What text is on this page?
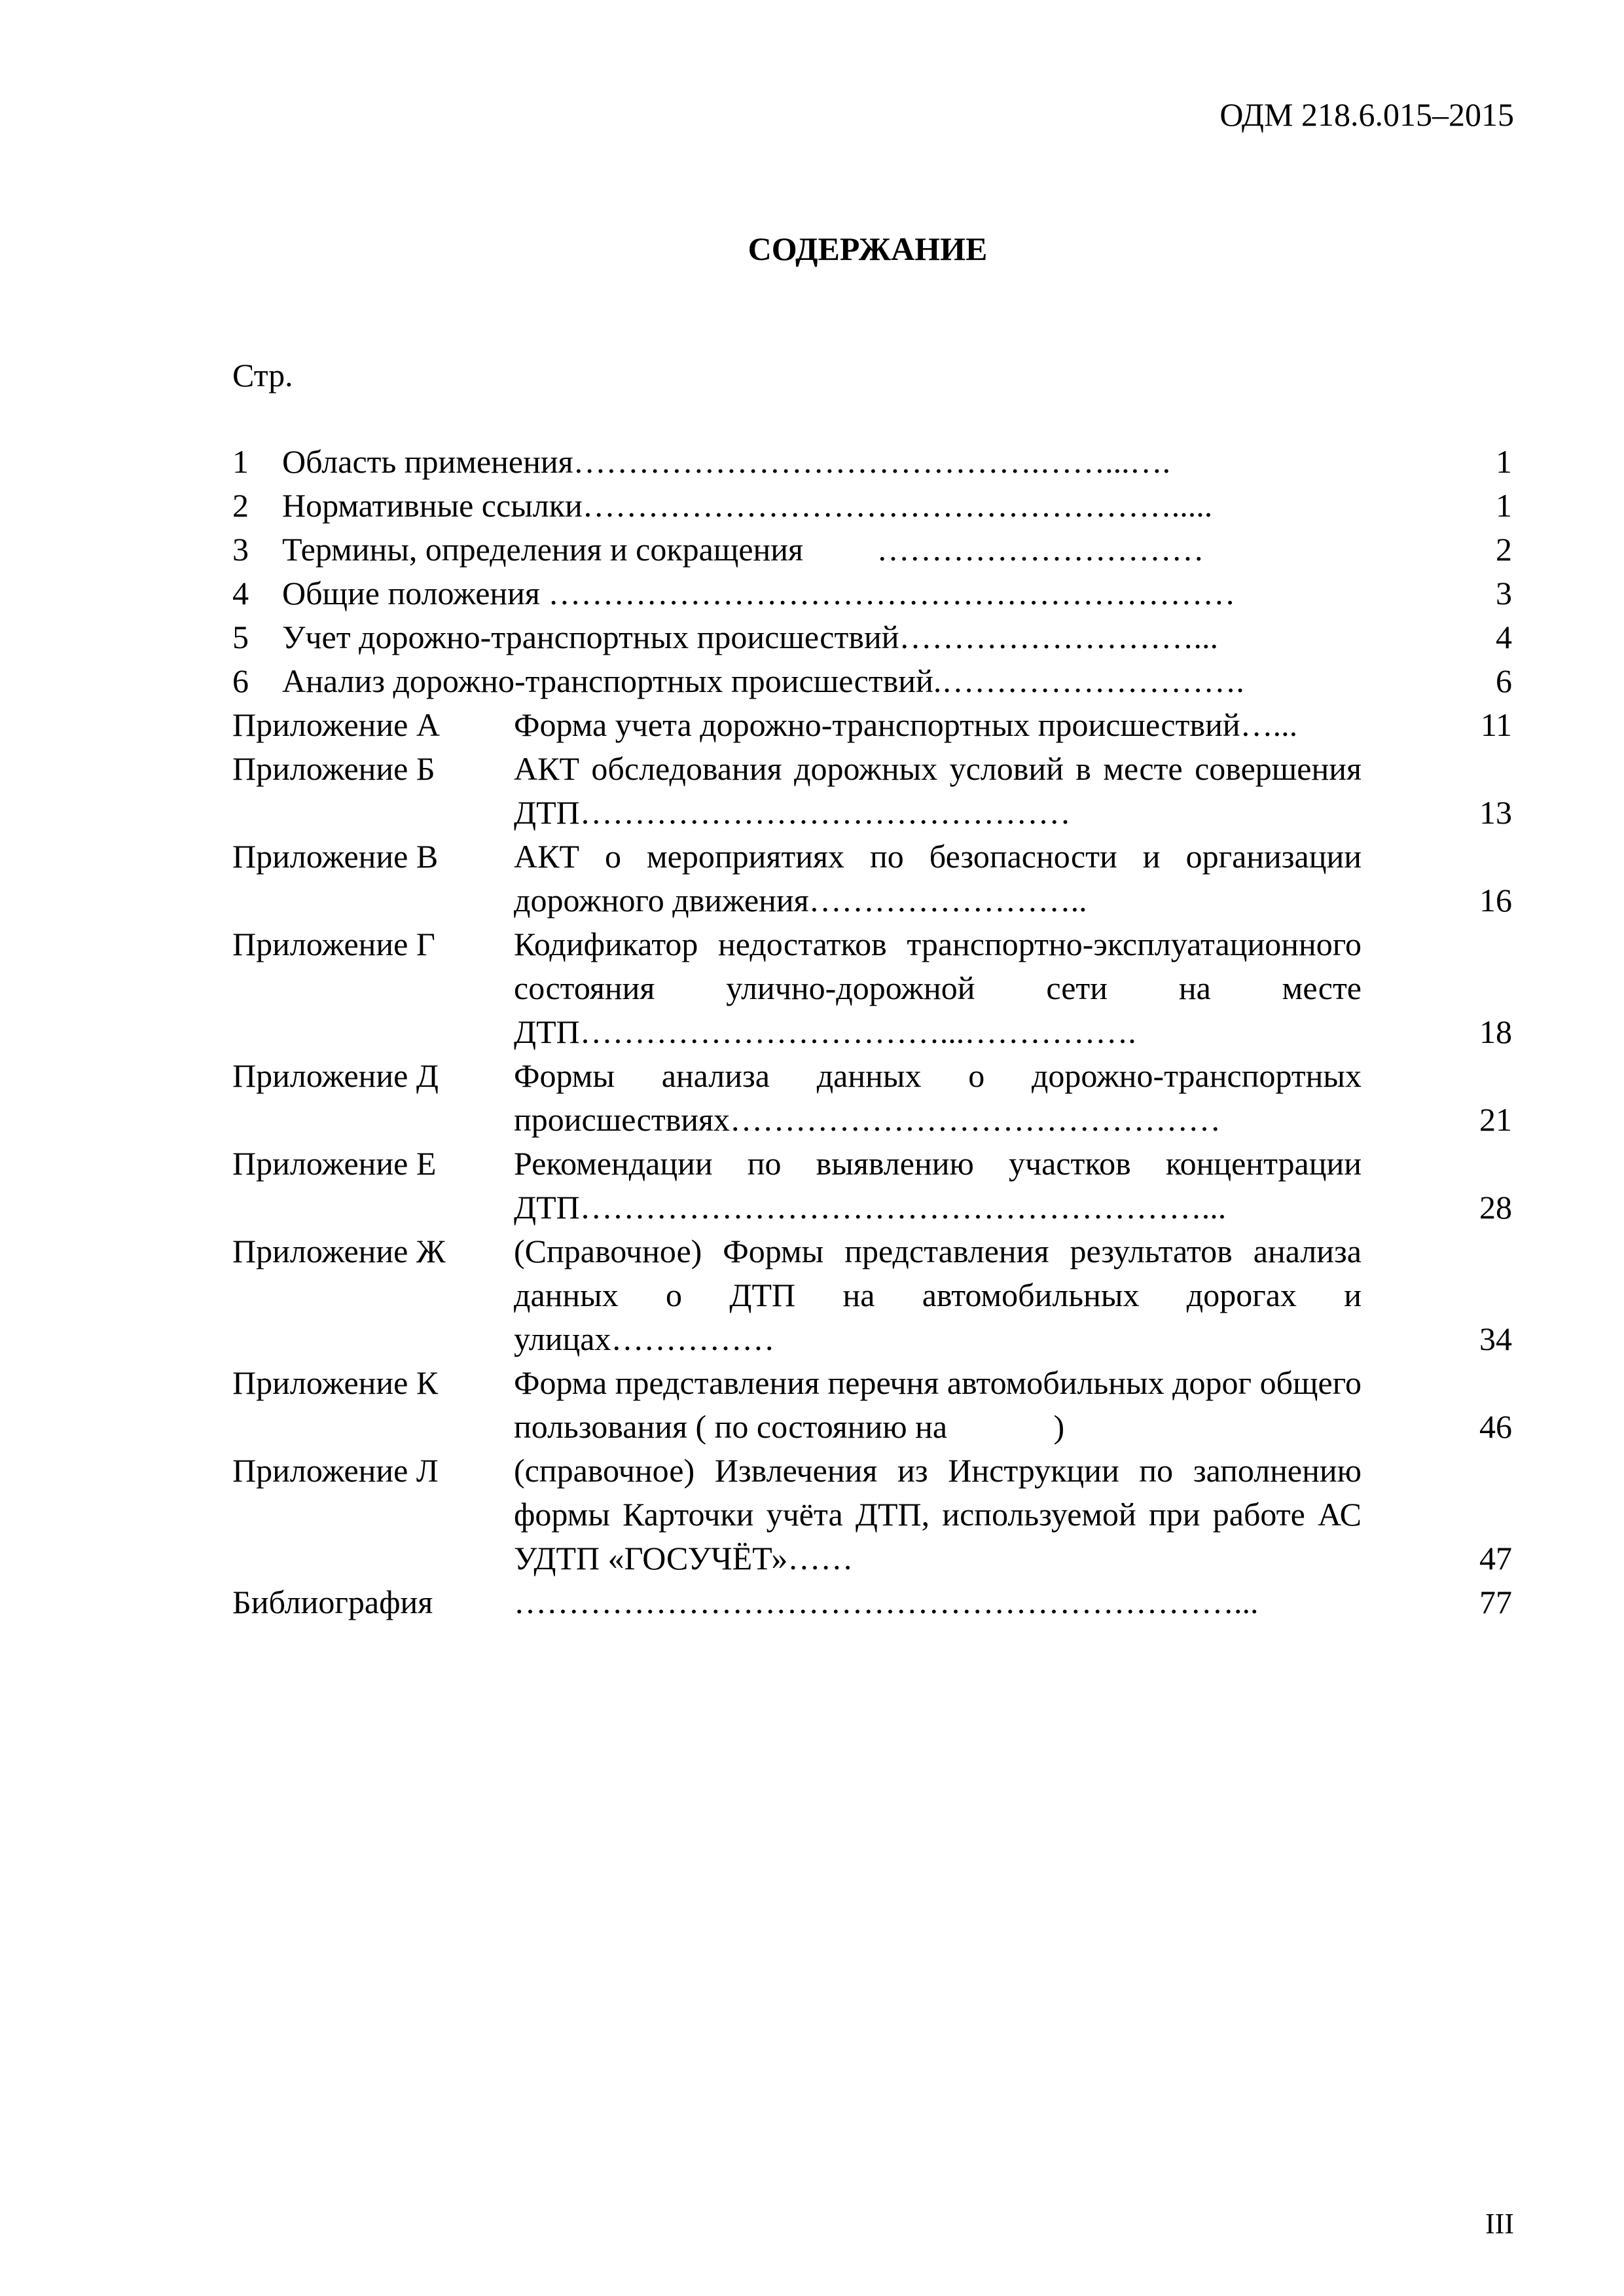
ОДМ 218.6.015–2015
СОДЕРЖАНИЕ
Стр.
1	Область применения…………………………………….……...….	1
2	Нормативные ссылки……………………………………………….....	1
3	Термины, определения и сокращения         …………………………	2
4	Общие положения ………………………………………………………	3
5	Учет дорожно-транспортных происшествий………………………...	4
6	Анализ дорожно-транспортных происшествий.……………………….	6
Приложение А	Форма учета дорожно-транспортных происшествий…...	11
Приложение Б	АКТ обследования дорожных условий в месте совершения ДТП………………………………………	13
Приложение В	АКТ о мероприятиях по безопасности и организации дорожного движения……………………..	16
Приложение Г	Кодификатор недостатков транспортно-эксплуатационного состояния улично-дорожной сети на месте ДТП……………………………...…………….	18
Приложение Д	Формы анализа данных о дорожно-транспортных происшествиях………………………………………	21
Приложение Е	Рекомендации по выявлению участков концентрации ДТП…………………………………………………...	28
Приложение Ж	(Справочное) Формы представления результатов анализа данных о ДТП на автомобильных дорогах и улицах……………	34
Приложение К	Форма представления перечня автомобильных дорог общего пользования ( по состоянию на             )	46
Приложение Л	(справочное) Извлечения из Инструкции по заполнению формы Карточки учёта ДТП, используемой при работе АС УДТП «ГОСУЧЁТ»……	47
Библиография	…………………………………………………………...	77
III
